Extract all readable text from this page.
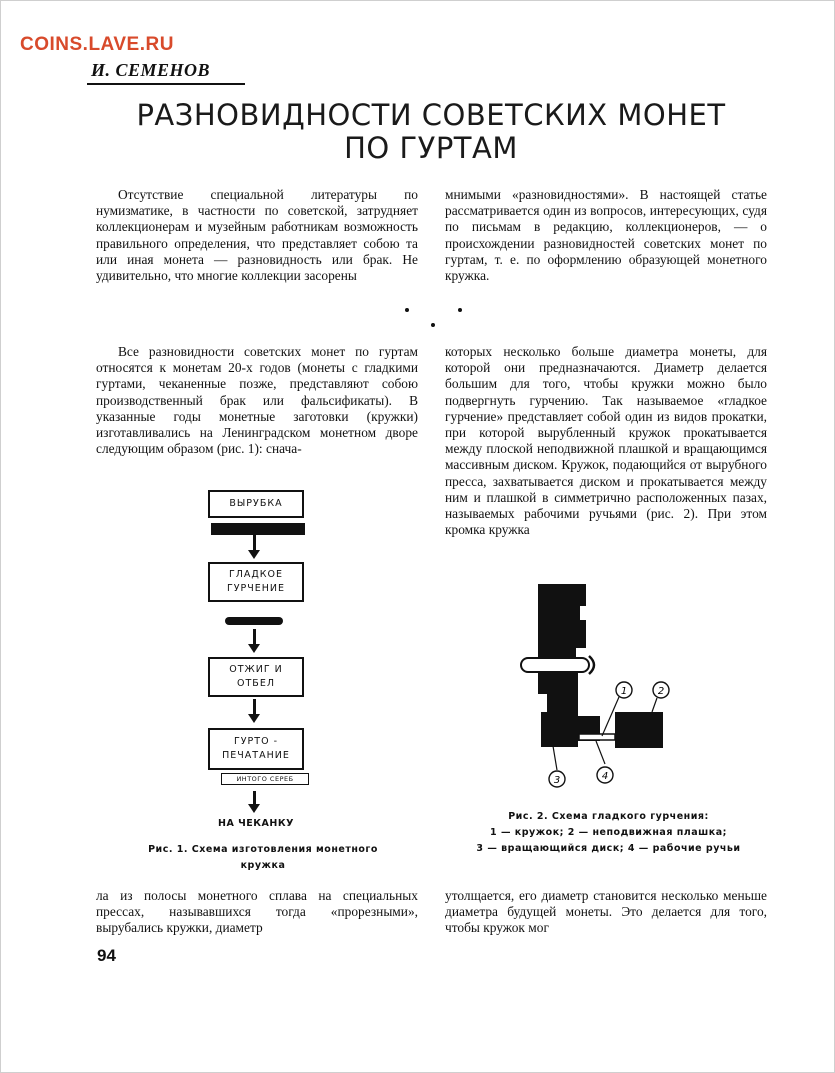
COINS.LAVE.RU
И. СЕМЕНОВ
РАЗНОВИДНОСТИ СОВЕТСКИХ МОНЕТ
ПО ГУРТАМ
Отсутствие специальной литературы по нумизматике, в частности по советской, затрудняет коллекционерам и музейным работникам возможность правильного определения, что представляет собою та или иная монета — разновидность или брак. Не удивительно, что многие коллекции засорены
мнимыми «разновидностями». В настоящей статье рассматривается один из вопросов, интересующих, судя по письмам в редакцию, коллекционеров, — о происхождении разновидностей советских монет по гуртам, т. е. по оформлению образующей монетного кружка.
Все разновидности советских монет по гуртам относятся к монетам 20-х годов (монеты с гладкими гуртами, чеканенные позже, представляют собою производственный брак или фальсификаты). В указанные годы монетные заготовки (кружки) изготавливались на Ленинградском монетном дворе следующим образом (рис. 1): снача-
которых несколько больше диаметра монеты, для которой они предназначаются. Диаметр делается большим для того, чтобы кружки можно было подвергнуть гурчению. Так называемое «гладкое гурчение» представляет собой один из видов прокатки, при которой вырубленный кружок прокатывается между плоской неподвижной плашкой и вращающимся массивным диском. Кружок, подающийся от вырубного пресса, захватывается диском и прокатывается между ним и плашкой в симметрично расположенных пазах, называемых рабочими ручьями (рис. 2). При этом кромка кружка
ВЫРУБКА
ГЛАДКОЕ
ГУРЧЕНИЕ
ОТЖИГ И
ОТБЕЛ
ГУРТО -
ПЕЧАТАНИЕ
ИНТОГО СЕРЕБ
НА ЧЕКАНКУ
Рис. 1. Схема изготовления монетного
кружка
1	2
3	4
Рис. 2. Схема гладкого гурчения:
1 — кружок; 2 — неподвижная плашка;
3 — вращающийся диск; 4 — рабочие ручьи
ла из полосы монетного сплава на специальных прессах, называвшихся тогда «прорезными», вырубались кружки, диаметр
утолщается, его диаметр становится несколько меньше диаметра будущей монеты. Это делается для того, чтобы кружок мог
94
